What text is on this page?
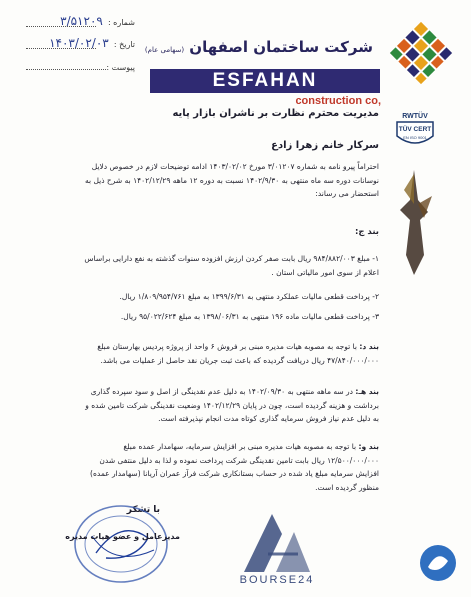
شماره : ۳/۵۱۲۰۹
تاریخ : ۱۴۰۳/۰۲/۰۳
پیوست :
شرکت ساختمان اصفهان (سهامی عام)
ESFAHAN
construction co,
مدیریت محترم نظارت بر ناشران بازار پایه	RWTÜV
TÜV CERT
EN ISO 9001
سرکار خانم زهرا زادع
احتراماً پیرو نامه به شماره ۳/۰۱۲۰۷ مورخ ۱۴۰۳/۰۲/۰۲ ادامه توضیحات لازم در خصوص دلایل نوسانات دوره سه ماه منتهی به ۱۴۰۲/۹/۳۰ نسبت به دوره ۱۲ ماهه ۱۴۰۲/۱۲/۲۹ به شرح ذیل به استحضار می رساند:
بند ج:
۱- مبلغ ۹۸۴/۸۸۲/۰۰۳ ریال بابت صفر کردن ارزش افزوده سنوات گذشته به نفع دارایی براساس اعلام از سوی امور مالیاتی استان .
۲- پرداخت قطعی مالیات عملکرد منتهی به ۱۳۹۹/۶/۳۱ به مبلغ ۱/۸۰۹/۹۵۴/۷۶۱ ریال.
۳- پرداخت قطعی مالیات ماده ۱۹۶ منتهی به ۱۳۹۸/۰۶/۳۱ به مبلغ ۹۵/۰۲۲/۶۲۴ ریال.
بند د: با توجه به مصوبه هیات مدیره مبنی بر فروش ۶ واحد از پروژه پردیس بهارستان مبلغ ۴۷/۸۴۰/۰۰۰/۰۰۰ ریال دریافت گردیده که باعث ثبت جریان نقد حاصل از عملیات می باشد.
بند هـ: در سه ماهه منتهی به ۱۴۰۲/۰۹/۳۰ به دلیل عدم نقدینگی از اصل و سود سپرده گذاری برداشت و هزینه گردیده است، چون در پایان ۱۴۰۲/۱۲/۲۹ وضعیت نقدینگی شرکت تامین شده و به دلیل عدم نیاز فروش سرمایه گذاری کوتاه مدت انجام نپذیرفته است.
بند و: با توجه به مصوبه هیات مدیره مبنی بر افزایش سرمایه، سهامدار عمده مبلغ ۱۲/۵۰۰/۰۰۰/۰۰۰ ریال بابت تامین نقدینگی شرکت پرداخت نموده و لذا به دلیل منتفی شدن افزایش سرمایه مبلغ یاد شده در حساب بستانکاری شرکت فرآز عمران آریانا (سهامدار عمده) منظور گردیده است.
با تشکر
مدیرعامل و عضو هیات مدیره
BOURSE24
